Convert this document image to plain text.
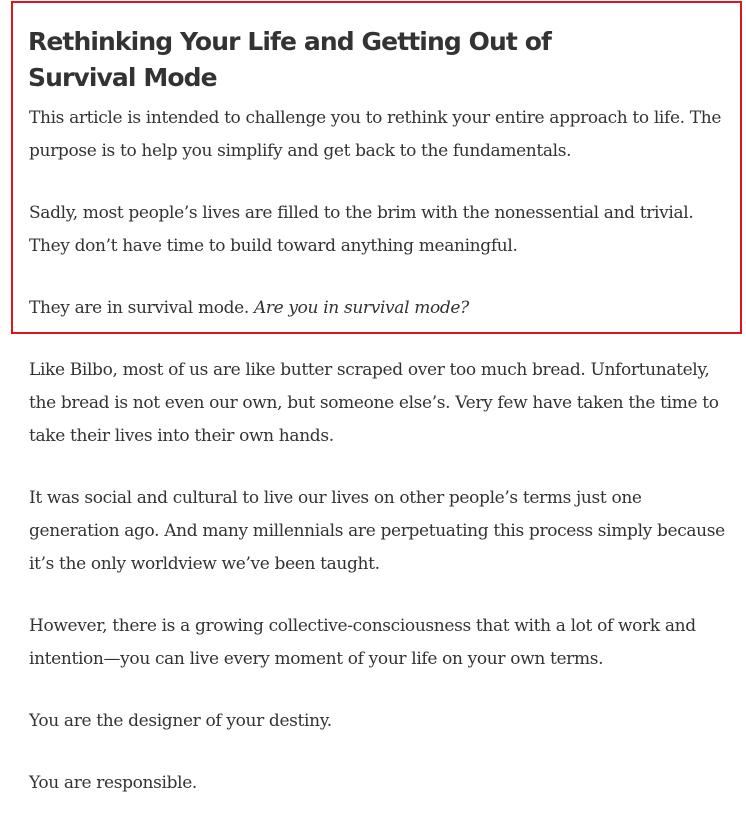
Rethinking Your Life and Getting Out of
Survival Mode

This article is intended to challenge you to rethink your entire approach to life. The purpose is to help you simplify and get back to the fundamentals.

Sadly, most people’s lives are filled to the brim with the nonessential and trivial. They don’t have time to build toward anything meaningful.

They are in survival mode. Are you in survival mode?

Like Bilbo, most of us are like butter scraped over too much bread. Unfortunately, the bread is not even our own, but someone else’s. Very few have taken the time to take their lives into their own hands.

It was social and cultural to live our lives on other people’s terms just one generation ago. And many millennials are perpetuating this process simply because it’s the only worldview we’ve been taught.

However, there is a growing collective-consciousness that with a lot of work and intention—you can live every moment of your life on your own terms.

You are the designer of your destiny.

You are responsible.
